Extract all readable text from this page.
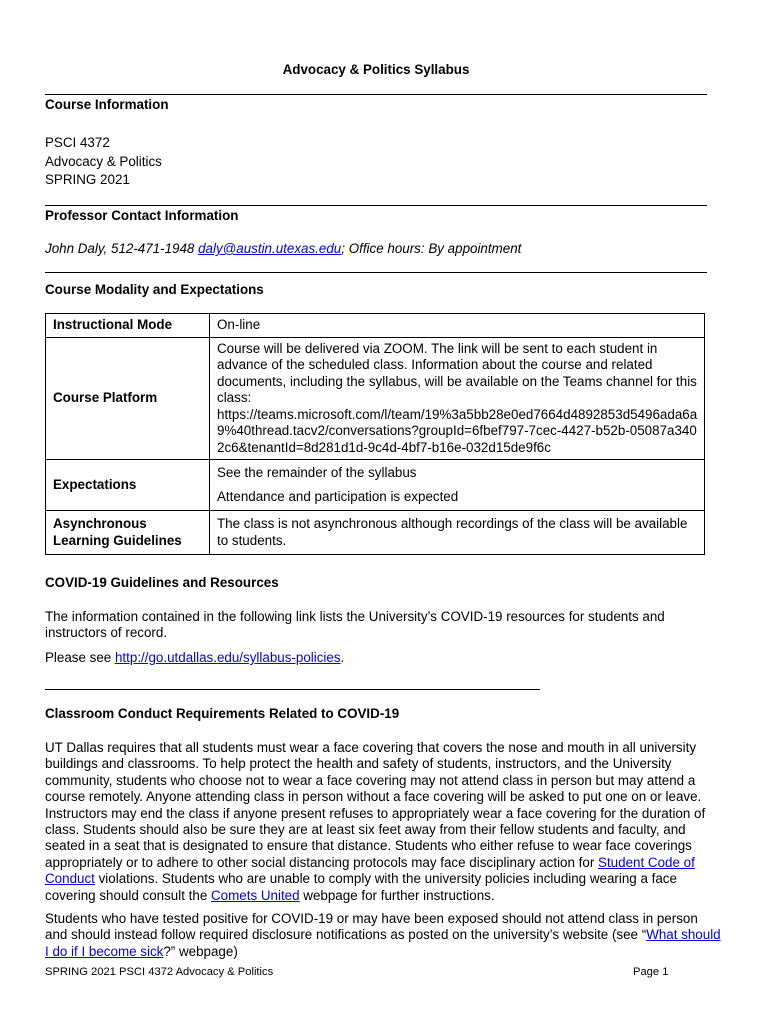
Advocacy & Politics Syllabus
Course Information
PSCI 4372
Advocacy & Politics
SPRING 2021
Professor Contact Information
John Daly, 512-471-1948 daly@austin.utexas.edu; Office hours: By appointment
Course Modality and Expectations
Instructional Mode	On-line
Course Platform	Course will be delivered via ZOOM. The link will be sent to each student in advance of the scheduled class. Information about the course and related documents, including the syllabus, will be available on the Teams channel for this class:
https://teams.microsoft.com/l/team/19%3a5bb28e0ed7664d4892853d5496ada6a9%40thread.tacv2/conversations?groupId=6fbef797-7cec-4427-b52b-05087a3402c6&tenantId=8d281d1d-9c4d-4bf7-b16e-032d15de9f6c

Expectations	See the remainder of the syllabus
Attendance and participation is expected

Asynchronous
Learning Guidelines	The class is not asynchronous although recordings of the class will be available to students.
COVID-19 Guidelines and Resources
The information contained in the following link lists the University’s COVID-19 resources for students and instructors of record.
Please see http://go.utdallas.edu/syllabus-policies.
Classroom Conduct Requirements Related to COVID-19
UT Dallas requires that all students must wear a face covering that covers the nose and mouth in all university buildings and classrooms. To help protect the health and safety of students, instructors, and the University community, students who choose not to wear a face covering may not attend class in person but may attend a course remotely. Anyone attending class in person without a face covering will be asked to put one on or leave. Instructors may end the class if anyone present refuses to appropriately wear a face covering for the duration of class. Students should also be sure they are at least six feet away from their fellow students and faculty, and seated in a seat that is designated to ensure that distance. Students who either refuse to wear face coverings appropriately or to adhere to other social distancing protocols may face disciplinary action for Student Code of Conduct violations. Students who are unable to comply with the university policies including wearing a face covering should consult the Comets United webpage for further instructions.
Students who have tested positive for COVID-19 or may have been exposed should not attend class in person and should instead follow required disclosure notifications as posted on the university’s website (see “What should I do if I become sick?” webpage)
SPRING 2021 PSCI 4372 Advocacy & Politics	Page 1
